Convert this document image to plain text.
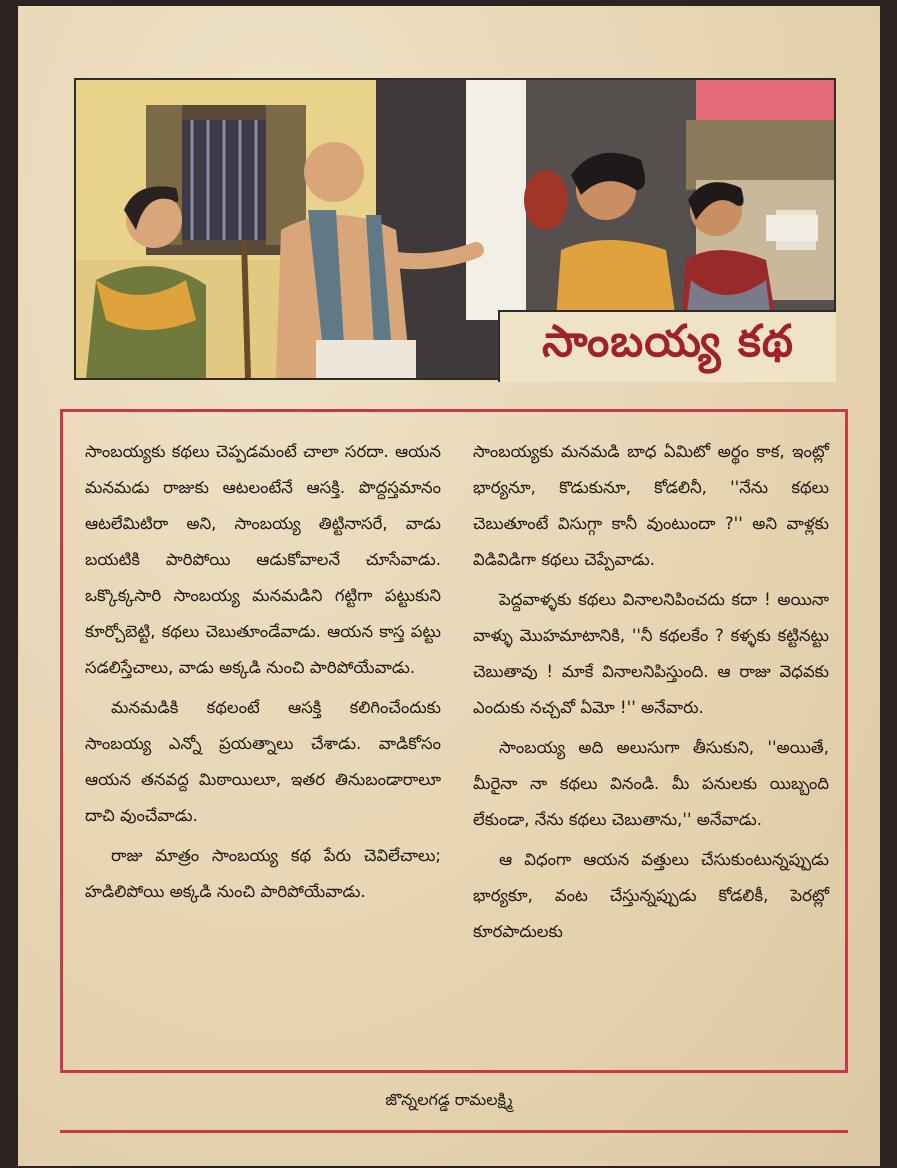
సాంబయ్య కథ

సాంబయ్యకు కథలు చెప్పడమంటే చాలా సరదా. ఆయన మనమడు రాజుకు ఆటలంటేనే ఆసక్తి. పొద్దస్తమానం ఆటలేమిటిరా అని, సాంబయ్య తిట్టినాసరే, వాడు బయటికి పారిపోయి ఆడుకోవాలనే చూసేవాడు. ఒక్కొక్కసారి సాంబయ్య మనమడిని గట్టిగా పట్టుకుని కూర్చోబెట్టి, కథలు చెబుతూండేవాడు. ఆయన కాస్త పట్టు సడలిస్తేచాలు, వాడు అక్కడి నుంచి పారిపోయేవాడు.

మనమడికి కథలంటే ఆసక్తి కలిగించేందుకు సాంబయ్య ఎన్నో ప్రయత్నాలు చేశాడు. వాడికోసం ఆయన తనవద్ద మిఠాయిలూ, ఇతర తినుబండారాలూ దాచి వుంచేవాడు.

రాజు మాత్రం సాంబయ్య కథ పేరు చెవిలేచాలు; హడిలిపోయి అక్కడి నుంచి పారిపోయేవాడు.

సాంబయ్యకు మనమడి బాధ ఏమిటో అర్థం కాక, ఇంట్లో భార్యనూ, కొడుకునూ, కోడలినీ, ''నేను కథలు చెబుతూంటే విసుగ్గా కానీ వుంటుందా ?'' అని వాళ్లకు విడివిడిగా కథలు చెప్పేవాడు.

పెద్దవాళ్ళకు కథలు వినాలనిపించదు కదా ! అయినా వాళ్ళు మొహమాటానికి, ''నీ కథలకేం ? కళ్ళకు కట్టినట్టు చెబుతావు ! మాకే వినాలనిపిస్తుంది. ఆ రాజు వెధవకు ఎందుకు నచ్చవో ఏమో !'' అనేవారు.

సాంబయ్య అది అలుసుగా తీసుకుని, ''అయితే, మీరైనా నా కథలు వినండి. మీ పనులకు యిబ్బంది లేకుండా, నేను కథలు చెబుతాను,'' అనేవాడు.

ఆ విధంగా ఆయన వత్తులు చేసుకుంటున్నప్పుడు భార్యకూ, వంట చేస్తున్నప్పుడు కోడలికీ, పెరట్లో కూరపాదులకు

జొన్నలగడ్డ రామలక్ష్మి
